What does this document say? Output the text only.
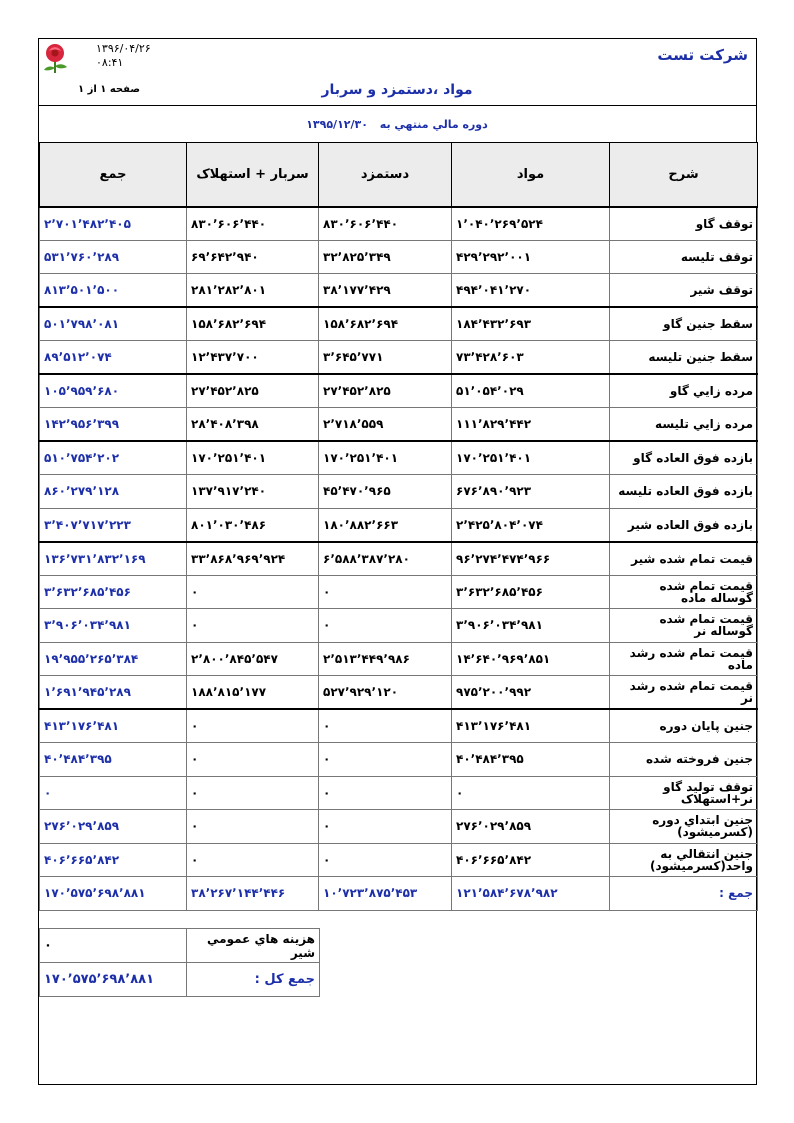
۱۳۹۶/۰۴/۲۶
۰۸:۴۱	شرکت تست
صفحه ۱ از ۱	مواد ،دستمزد و سربار
دوره مالي منتهي به ۱۳۹۵/۱۲/۳۰
شرح	مواد	دستمزد	سربار + استهلاک	جمع
توقف گاو	۱٬۰۴۰٬۲۶۹٬۵۲۴	۸۳۰٬۶۰۶٬۴۴۰	۸۳۰٬۶۰۶٬۴۴۰	۲٬۷۰۱٬۴۸۲٬۴۰۵
توقف تليسه	۴۲۹٬۲۹۲٬۰۰۱	۳۲٬۸۲۵٬۳۴۹	۶۹٬۶۴۲٬۹۴۰	۵۳۱٬۷۶۰٬۲۸۹
توقف شير	۴۹۴٬۰۴۱٬۲۷۰	۳۸٬۱۷۷٬۴۲۹	۲۸۱٬۲۸۲٬۸۰۱	۸۱۳٬۵۰۱٬۵۰۰
سقط جنين گاو	۱۸۴٬۴۳۲٬۶۹۳	۱۵۸٬۶۸۲٬۶۹۴	۱۵۸٬۶۸۲٬۶۹۴	۵۰۱٬۷۹۸٬۰۸۱
سقط جنين تليسه	۷۳٬۴۲۸٬۶۰۳	۳٬۶۴۵٬۷۷۱	۱۲٬۴۳۷٬۷۰۰	۸۹٬۵۱۲٬۰۷۴
مرده زايي گاو	۵۱٬۰۵۴٬۰۲۹	۲۷٬۴۵۲٬۸۲۵	۲۷٬۴۵۲٬۸۲۵	۱۰۵٬۹۵۹٬۶۸۰
مرده زايي تليسه	۱۱۱٬۸۲۹٬۴۴۲	۲٬۷۱۸٬۵۵۹	۲۸٬۴۰۸٬۳۹۸	۱۴۲٬۹۵۶٬۳۹۹
بازده فوق العاده گاو	۱۷۰٬۲۵۱٬۴۰۱	۱۷۰٬۲۵۱٬۴۰۱	۱۷۰٬۲۵۱٬۴۰۱	۵۱۰٬۷۵۴٬۲۰۲
بازده فوق العاده تليسه	۶۷۶٬۸۹۰٬۹۲۳	۴۵٬۴۷۰٬۹۶۵	۱۳۷٬۹۱۷٬۲۴۰	۸۶۰٬۲۷۹٬۱۲۸
بازده فوق العاده شير	۲٬۴۲۵٬۸۰۴٬۰۷۴	۱۸۰٬۸۸۲٬۶۶۳	۸۰۱٬۰۳۰٬۴۸۶	۳٬۴۰۷٬۷۱۷٬۲۲۳
قيمت تمام شده شير	۹۶٬۲۷۴٬۴۷۴٬۹۶۶	۶٬۵۸۸٬۳۸۷٬۲۸۰	۳۳٬۸۶۸٬۹۶۹٬۹۲۴	۱۳۶٬۷۳۱٬۸۳۲٬۱۶۹
قيمت تمام شده گوساله ماده	۳٬۶۳۲٬۶۸۵٬۴۵۶	۰	۰	۳٬۶۳۲٬۶۸۵٬۴۵۶
قيمت تمام شده گوساله نر	۳٬۹۰۶٬۰۳۴٬۹۸۱	۰	۰	۳٬۹۰۶٬۰۳۴٬۹۸۱
قيمت تمام شده رشد ماده	۱۴٬۶۴۰٬۹۶۹٬۸۵۱	۲٬۵۱۳٬۴۴۹٬۹۸۶	۲٬۸۰۰٬۸۴۵٬۵۴۷	۱۹٬۹۵۵٬۲۶۵٬۳۸۴
قيمت تمام شده رشد نر	۹۷۵٬۲۰۰٬۹۹۲	۵۲۷٬۹۲۹٬۱۲۰	۱۸۸٬۸۱۵٬۱۷۷	۱٬۶۹۱٬۹۴۵٬۲۸۹
جنين پايان دوره	۴۱۳٬۱۷۶٬۴۸۱	۰	۰	۴۱۳٬۱۷۶٬۴۸۱
جنين فروخته شده	۴۰٬۴۸۴٬۳۹۵	۰	۰	۴۰٬۴۸۴٬۳۹۵
توقف توليد گاو نر+استهلاک	۰	۰	۰	۰
جنين ابتداي دوره (کسرميشود)	۲۷۶٬۰۲۹٬۸۵۹	۰	۰	۲۷۶٬۰۲۹٬۸۵۹
جنين انتقالي به واحد(کسرميشود)	۴۰۶٬۶۶۵٬۸۴۲	۰	۰	۴۰۶٬۶۶۵٬۸۴۲
جمع :	۱۲۱٬۵۸۴٬۶۷۸٬۹۸۲	۱۰٬۷۲۳٬۸۷۵٬۴۵۳	۳۸٬۲۶۷٬۱۴۴٬۴۴۶	۱۷۰٬۵۷۵٬۶۹۸٬۸۸۱
هزينه هاي عمومي شير	۰
جمع کل :	۱۷۰٬۵۷۵٬۶۹۸٬۸۸۱
